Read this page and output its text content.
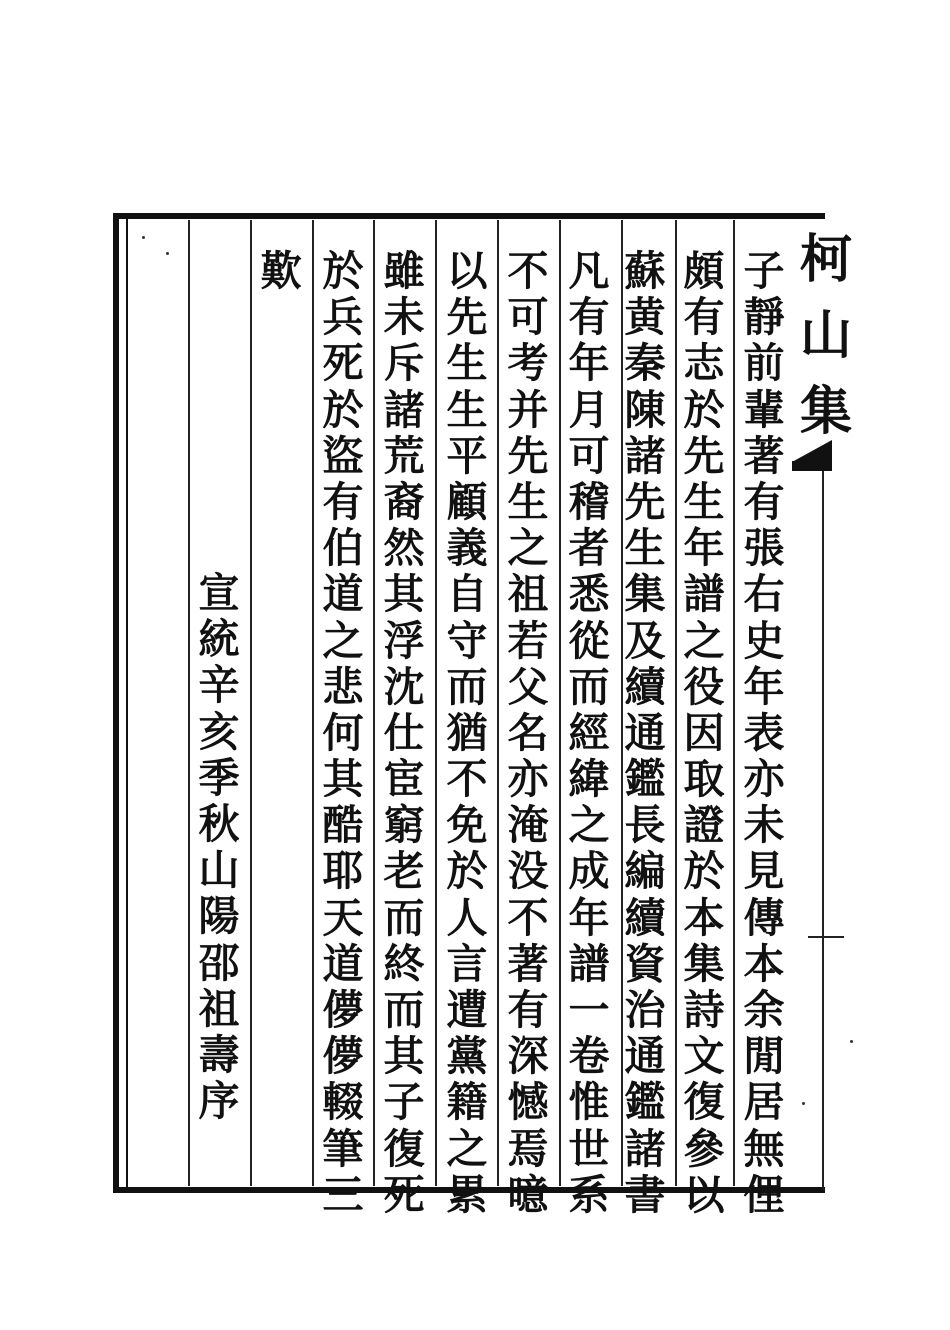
柯
山
集
子
靜
前
輩
著
有
張
右
史
年
表
亦
未
見
傳
本
余
閒
居
無
俚
頗
有
志
於
先
生
年
譜
之
役
因
取
證
於
本
集
詩
文
復
參
以
蘇
黄
秦
陳
諸
先
生
集
及
續
通
鑑
長
編
續
資
治
通
鑑
諸
書
凡
有
年
月
可
稽
者
悉
從
而
經
緯
之
成
年
譜
一
卷
惟
世
系
不
可
考
并
先
生
之
祖
若
父
名
亦
淹
没
不
著
有
深
憾
焉
噫
以
先
生
生
平
顧
義
自
守
而
猶
不
免
於
人
言
遭
黨
籍
之
累
雖
未
斥
諸
荒
裔
然
其
浮
沈
仕
宦
窮
老
而
終
而
其
子
復
死
於
兵
死
於
盜
有
伯
道
之
悲
何
其
酷
耶
天
道
儚
儚
輟
筆
三
歎
宣
統
辛
亥
季
秋
山
陽
邵
祖
壽
序
